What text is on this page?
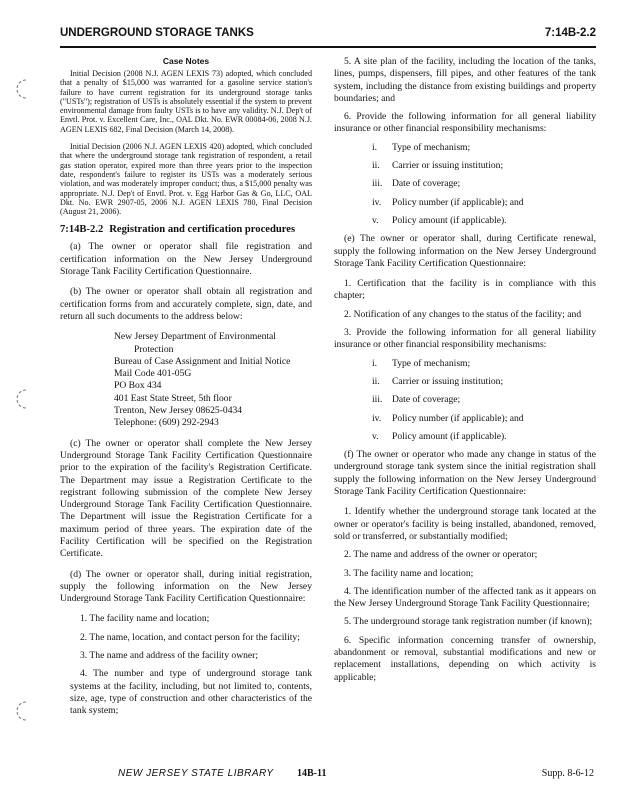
UNDERGROUND STORAGE TANKS	7:14B-2.2

Case Notes

Initial Decision (2008 N.J. AGEN LEXIS 73) adopted, which concluded that a penalty of $15,000 was warranted for a gasoline service station's failure to have current registration for its underground storage tanks ("USTs"); registration of USTs is absolutely essential if the system to prevent environmental damage from faulty USTs is to have any validity. N.J. Dep't of Envtl. Prot. v. Excellent Care, Inc., OAL Dkt. No. EWR 00084-06, 2008 N.J. AGEN LEXIS 682, Final Decision (March 14, 2008).

Initial Decision (2006 N.J. AGEN LEXIS 420) adopted, which concluded that where the underground storage tank registration of respondent, a retail gas station operator, expired more than three years prior to the inspection date, respondent's failure to register its USTs was a moderately serious violation, and was moderately improper conduct; thus, a $15,000 penalty was appropriate. N.J. Dep't of Envtl. Prot. v. Egg Harbor Gas & Go, LLC, OAL Dkt. No. EWR 2907-05, 2006 N.J. AGEN LEXIS 780, Final Decision (August 21, 2006).

7:14B-2.2 Registration and certification procedures

(a) The owner or operator shall file registration and certification information on the New Jersey Underground Storage Tank Facility Certification Questionnaire.

(b) The owner or operator shall obtain all registration and certification forms from and accurately complete, sign, date, and return all such documents to the address below:

New Jersey Department of Environmental
Protection
Bureau of Case Assignment and Initial Notice
Mail Code 401-05G
PO Box 434
401 East State Street, 5th floor
Trenton, New Jersey 08625-0434
Telephone: (609) 292-2943

(c) The owner or operator shall complete the New Jersey Underground Storage Tank Facility Certification Questionnaire prior to the expiration of the facility's Registration Certificate. The Department may issue a Registration Certificate to the registrant following submission of the complete New Jersey Underground Storage Tank Facility Certification Questionnaire. The Department will issue the Registration Certificate for a maximum period of three years. The expiration date of the Facility Certification will be specified on the Registration Certificate.

(d) The owner or operator shall, during initial registration, supply the following information on the New Jersey Underground Storage Tank Facility Certification Questionnaire:

1. The facility name and location;

2. The name, location, and contact person for the facility;

3. The name and address of the facility owner;

4. The number and type of underground storage tank systems at the facility, including, but not limited to, contents, size, age, type of construction and other characteristics of the tank system;

5. A site plan of the facility, including the location of the tanks, lines, pumps, dispensers, fill pipes, and other features of the tank system, including the distance from existing buildings and property boundaries; and

6. Provide the following information for all general liability insurance or other financial responsibility mechanisms:

i.	Type of mechanism;
ii.	Carrier or issuing institution;
iii. Date of coverage;
iv.	Policy number (if applicable); and
v.	Policy amount (if applicable).

(e) The owner or operator shall, during Certificate renewal, supply the following information on the New Jersey Underground Storage Tank Facility Certification Questionnaire:

1. Certification that the facility is in compliance with this chapter;

2. Notification of any changes to the status of the facility; and

3. Provide the following information for all general liability insurance or other financial responsibility mechanisms:

i.	Type of mechanism;
ii.	Carrier or issuing institution;
iii. Date of coverage;
iv.	Policy number (if applicable); and
v.	Policy amount (if applicable).

(f) The owner or operator who made any change in status of the underground storage tank system since the initial registration shall supply the following information on the New Jersey Underground Storage Tank Facility Certification Questionnaire:

1. Identify whether the underground storage tank located at the owner or operator's facility is being installed, abandoned, removed, sold or transferred, or substantially modified;

2. The name and address of the owner or operator;

3. The facility name and location;

4. The identification number of the affected tank as it appears on the New Jersey Underground Storage Tank Facility Questionnaire;

5. The underground storage tank registration number (if known);

6. Specific information concerning transfer of ownership, abandonment or removal, substantial modifications and new or replacement installations, depending on which activity is applicable;

NEW JERSEY STATE LIBRARY 14B-11	Supp. 8-6-12
